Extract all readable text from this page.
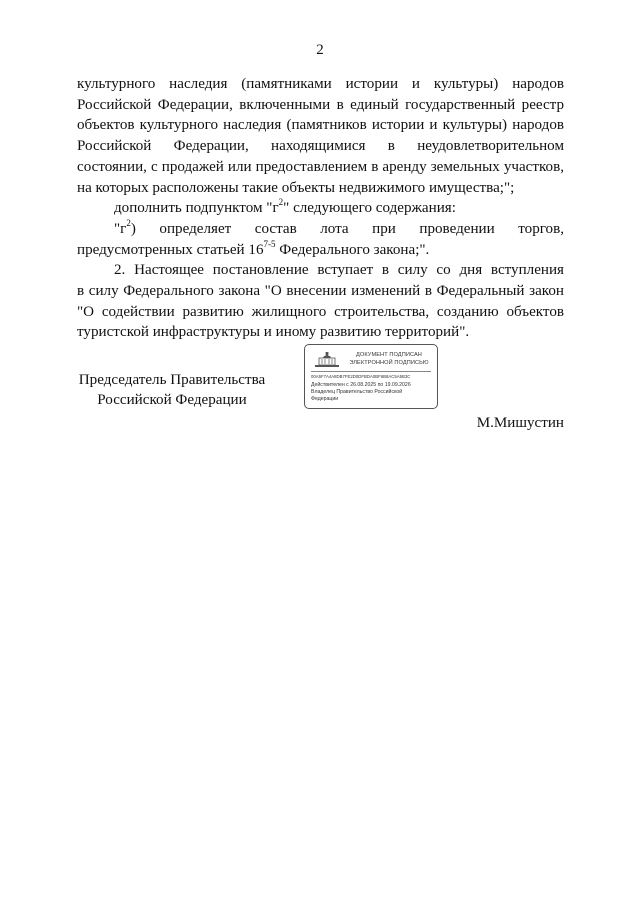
2
культурного наследия (памятниками истории и культуры) народов
Российской Федерации, включенными в единый государственный реестр
объектов культурного наследия (памятников истории и культуры) народов
Российской Федерации, находящимися в неудовлетворительном
состоянии, с продажей или предоставлением в аренду земельных участков,
на которых расположены такие объекты недвижимого имущества;";
дополнить подпунктом "$г^2$" следующего содержания:
"$г^2$) определяет состав лота при проведении торгов,
предусмотренных статьей 16$^{7-5}$ Федерального закона;".
2. Настоящее постановление вступает в силу со дня вступления
в силу Федерального закона "О внесении изменений в Федеральный закон
"О содействии развитию жилищного строительства, созданию объектов
туристской инфраструктуры и иному развитию территорий".
Председатель Правительства
Российской Федерации
ДОКУМЕНТ ПОДПИСАН
ЭЛЕКТРОННОЙ ПОДПИСЬЮ
00A5F7A4A8DB7FE2D0DFBDA0BF6B8AC5A5B3C
Действителен с 26.08.2025 по 19.09.2026
Владелец Правительство Российской
Федерации
М.Мишустин
